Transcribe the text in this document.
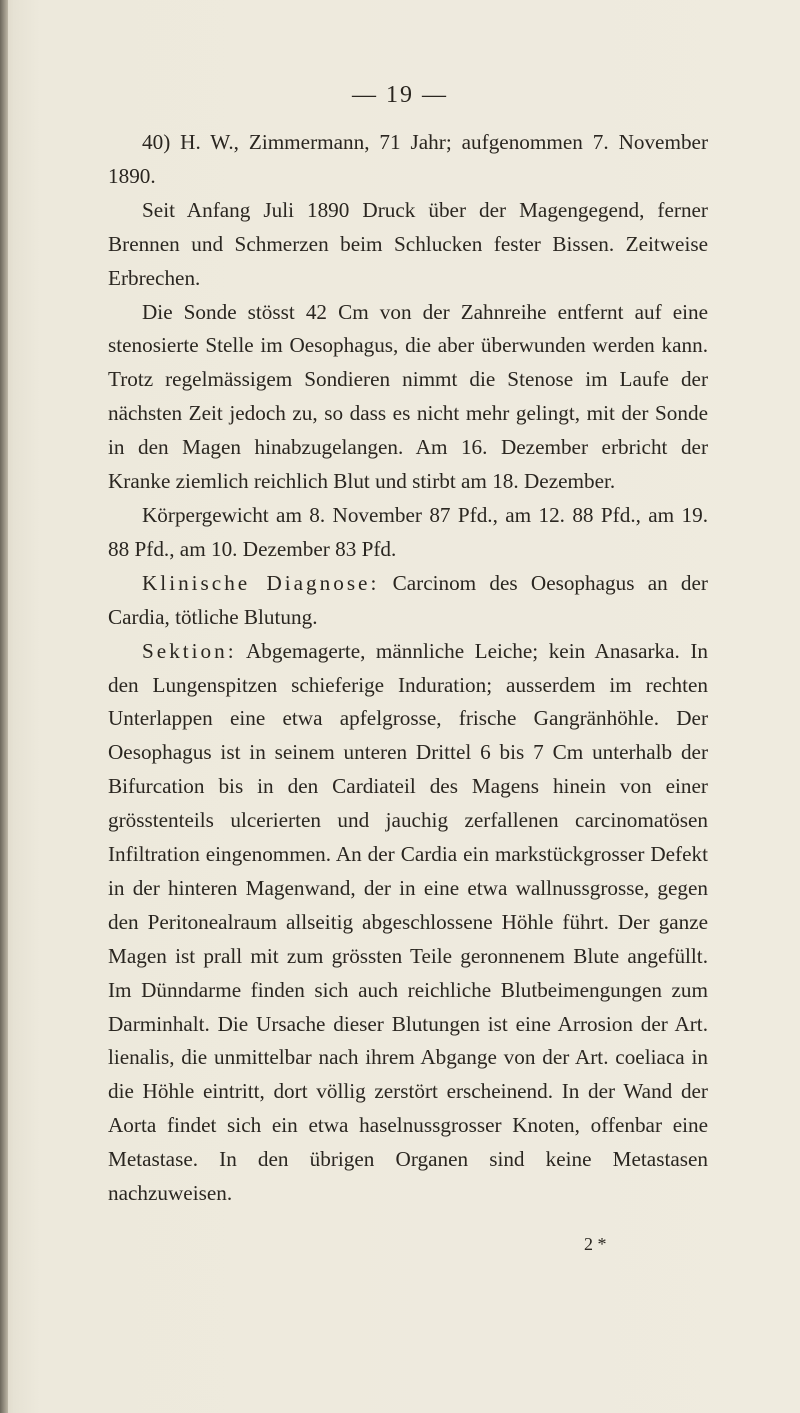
— 19 —

40) H. W., Zimmermann, 71 Jahr; aufgenommen 7. November 1890.

Seit Anfang Juli 1890 Druck über der Magengegend, ferner Brennen und Schmerzen beim Schlucken fester Bissen. Zeitweise Erbrechen.

Die Sonde stösst 42 Cm von der Zahnreihe entfernt auf eine stenosierte Stelle im Oesophagus, die aber überwunden werden kann. Trotz regelmässigem Sondieren nimmt die Stenose im Laufe der nächsten Zeit jedoch zu, so dass es nicht mehr gelingt, mit der Sonde in den Magen hinabzugelangen. Am 16. Dezember erbricht der Kranke ziemlich reichlich Blut und stirbt am 18. Dezember.

Körpergewicht am 8. November 87 Pfd., am 12. 88 Pfd., am 19. 88 Pfd., am 10. Dezember 83 Pfd.

Klinische Diagnose: Carcinom des Oesophagus an der Cardia, tötliche Blutung.

Sektion: Abgemagerte, männliche Leiche; kein Anasarka. In den Lungenspitzen schieferige Induration; ausserdem im rechten Unterlappen eine etwa apfelgrosse, frische Gangränhöhle. Der Oesophagus ist in seinem unteren Drittel 6 bis 7 Cm unterhalb der Bifurcation bis in den Cardiateil des Magens hinein von einer grösstenteils ulcerierten und jauchig zerfallenen carcinomatösen Infiltration eingenommen. An der Cardia ein markstückgrosser Defekt in der hinteren Magenwand, der in eine etwa wallnussgrosse, gegen den Peritonealraum allseitig abgeschlossene Höhle führt. Der ganze Magen ist prall mit zum grössten Teile geronnenem Blute angefüllt. Im Dünndarme finden sich auch reichliche Blutbeimengungen zum Darminhalt. Die Ursache dieser Blutungen ist eine Arrosion der Art. lienalis, die unmittelbar nach ihrem Abgange von der Art. coeliaca in die Höhle eintritt, dort völlig zerstört erscheinend. In der Wand der Aorta findet sich ein etwa haselnussgrosser Knoten, offenbar eine Metastase. In den übrigen Organen sind keine Metastasen nachzuweisen.

2 *
